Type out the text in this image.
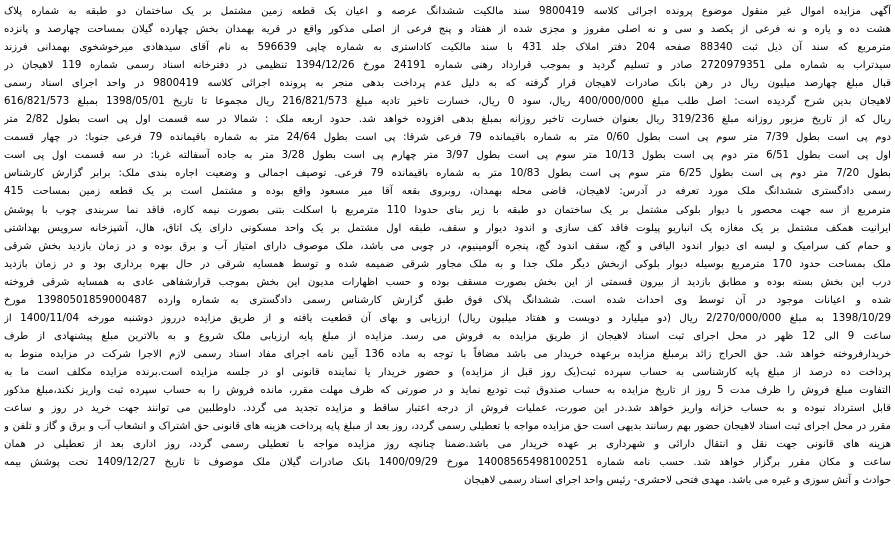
آگهی مزایده اموال غیر منقول موضوع پرونده اجرائی کلاسه 9800419 سند مالکیت ششدانگ عرصه و اعیان یک قطعه زمین مشتمل بر یک ساختمان دو طبقه به شماره پلاک
هشت ده و یاره و نه فرعی از یکصد و سی و نه اصلی مفروز و مجزی شده از هفتاد و پنج فرعی از اصلی مذکور واقع در قریه بهمدان بخش چهارده گیلان بمساحت چهارصد و پانزده
مترمربع که سند آن ذیل ثبت 88340 صفحه 204 دفتر املاک جلد 431 با سند مالکیت کاداستری به شماره چاپی 596639 به نام آقای سیدهادی میرخوشخوی بهمدانی فرزند
سیدتراب به شماره ملی 2720979351 صادر و تسلیم گردید و بموجب قرارداد رهنی شماره 24191 مورخ 1394/12/26 تنظیمی در دفترخانه اسناد رسمی شماره 119 لاهیجان در
قبال مبلغ چهارصد میلیون ریال در رهن بانک صادرات لاهیجان قرار گرفته که به دلیل عدم پرداخت بدهی منجر به پرونده اجرائی کلاسه 9800419 در واحد اجرای اسناد رسمی
لاهیجان بدین شرح گردیده است: اصل طلب مبلغ 400/000/000 ریال، سود 0 ریال، خسارت تاخیر تادیه مبلغ 216/821/573 ریال مجموعا تا تاریخ 1398/05/01 بمبلغ 616/821/573
ریال که از تاریخ مزبور روزانه مبلغ 319/236 ریال بعنوان خسارت تاخیر روزانه بمبلغ بدهی افزوده خواهد شد. حدود اربعه ملک : شمالا در سه قسمت اول پی است بطول 2/82 متر
دوم پی است بطول 7/39 متر سوم پی است بطول 0/60 متر به شماره باقیمانده 79 فرعی شرقا: پی است بطول 24/64 متر به شماره باقیمانده 79 فرعی جنوبا: در چهار قسمت
اول پی است بطول 6/51 متر دوم پی است بطول 10/13 متر سوم پی است بطول 3/97 متر چهارم پی است بطول 3/28 متر به جاده آسفالته غربا: در سه قسمت اول پی است
بطول 7/20 متر دوم پی است بطول 6/25 متر سوم پی است بطول 10/83 متر به شماره باقیمانده 79 فرعی. توصیف اجمالی و وضعیت اجاره بندی ملک: برابر گزارش کارشناس
رسمی دادگستری ششدانگ ملک مورد تعرفه در آدرس: لاهیجان، قاضی محله بهمدان، روبروی بقعه آقا میر مسعود واقع بوده و مشتمل است بر یک قطعه زمین بمساحت 415
مترمربع از سه جهت محصور با دیوار بلوکی مشتمل بر یک ساختمان دو طبقه با زیر بنای حدودا 110 مترمربع با اسکلت بتنی بصورت نیمه کاره، فاقد نما سربندی چوب با پوشش
ایرانیت همکف مشتمل بر یک مغازه یک انباریو پیلوت فاقد کف سازی و اندود دیوار و سقف، طبقه اول مشتمل بر یک واحد مسکونی دارای یک اتاق، هال، آشپزخانه سرویس بهداشتی
و حمام کف سرامیک و لیسه ای دیوار اندود الیافی و گچ، سقف اندود گچ، پنجره آلومینیوم، در چوبی می باشد، ملک موصوف دارای امتیاز آب و برق بوده و در زمان بازدید بخش شرقی
ملک بمساحت حدود 170 مترمربع بوسیله دیوار بلوکی ازبخش دیگر ملک جدا و به ملک مجاور شرقی ضمیمه شده و توسط همسایه شرقی در حال بهره برداری بود و در زمان بازدید
درب این بخش بسته بوده و مطابق بازدید از بیرون قسمتی از این بخش بصورت مسقف بوده و حسب اظهارات مدیون این بخش بموجب قرارشفاهی عادی به همسایه شرقی فروخته
شده و اعیانات موجود در آن توسط وی احداث شده است. ششدانگ پلاک فوق طبق گزارش کارشناس رسمی دادگستری به شماره وارده 13980501859000487 مورخ
1398/10/29 به مبلغ 2/270/000/000 ریال (دو میلیارد و دویست و هفتاد میلیون ریال) ارزیابی و بهای آن قطعیت یافته و از طریق مزایده درروز دوشنبه مورخه 1400/11/04 از
ساعت 9 الی 12 ظهر در محل اجرای ثبت اسناد لاهیجان از طریق مزایده به فروش می رسد. مزایده از مبلغ پایه ارزیابی ملک شروع و به بالاترین مبلغ پیشنهادی از طرف
خریدارفروخته خواهد شد. حق الحراج زائد برمبلغ مزایده برعهده خریدار می باشد مضافاً با توجه به ماده 136 آیین نامه اجرای مفاد اسناد رسمی لازم الاجرا شرکت در مزایده منوط به
پرداخت ده درصد از مبلغ پایه کارشناسی به حساب سپرده ثبت(یک روز قبل از مزایده) و حضور خریدار یا نماینده قانونی او در جلسه مزایده است.برنده مزایده مکلف است ما به
التفاوت مبلغ فروش را ظرف مدت 5 روز از تاریخ مزایده به حساب صندوق ثبت تودیع نماید و در صورتی که ظرف مهلت مقرر، مانده فروش را به حساب سپرده ثبت واریز نکند،مبلغ مذکور
قابل استرداد نبوده و به حساب خزانه واریز خواهد شد.در این صورت، عملیات فروش از درجه اعتبار ساقط و مزایده تجدید می گردد. داوطلبین می توانند جهت خرید در روز و ساعت
مقرر در محل اجرای ثبت اسناد لاهیجان حضور بهم رسانند بدیهی است حق مزایده مواجه با تعطیلی رسمی گردد، روز بعد از مبلغ پایه پرداخت هزینه های قانونی حق اشتراک و انشعاب آب و برق و گاز و تلفن و
هزینه های قانونی جهت نقل و انتقال دارائی و شهرداری بر عهده خریدار می باشد.ضمنا چنانچه روز مزایده مواجه با تعطیلی رسمی گردد، روز اداری بعد از تعطیلی در همان
ساعت و مکان مقرر برگزار خواهد شد. حسب نامه شماره 14008565498100251 مورخ 1400/09/29 بانک صادرات گیلان ملک موصوف تا تاریخ 1409/12/27 تحت پوشش بیمه
حوادث و آتش سوزی و غیره می باشد. مهدی فتحی لاحشری- رئیس واحد اجرای اسناد رسمی لاهیجان
